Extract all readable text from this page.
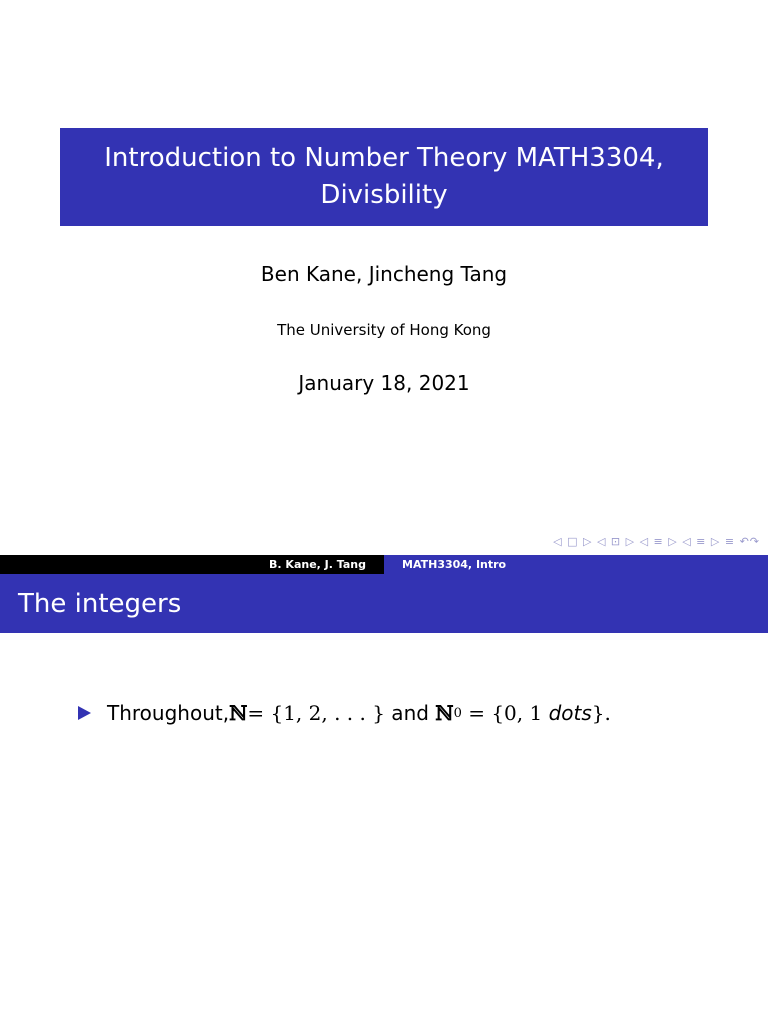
Introduction to Number Theory MATH3304,
Divisbility
Ben Kane, Jincheng Tang
The University of Hong Kong
January 18, 2021
◁ □ ▷ ◁ ⊡ ▷ ◁ ≡ ▷ ◁ ≡ ▷ ≡ ↶↷
B. Kane, J. Tang	MATH3304, Intro
The integers
Throughout, ℕ = {1, 2, . . . } and ℕ 0 = {0, 1 dots }.
